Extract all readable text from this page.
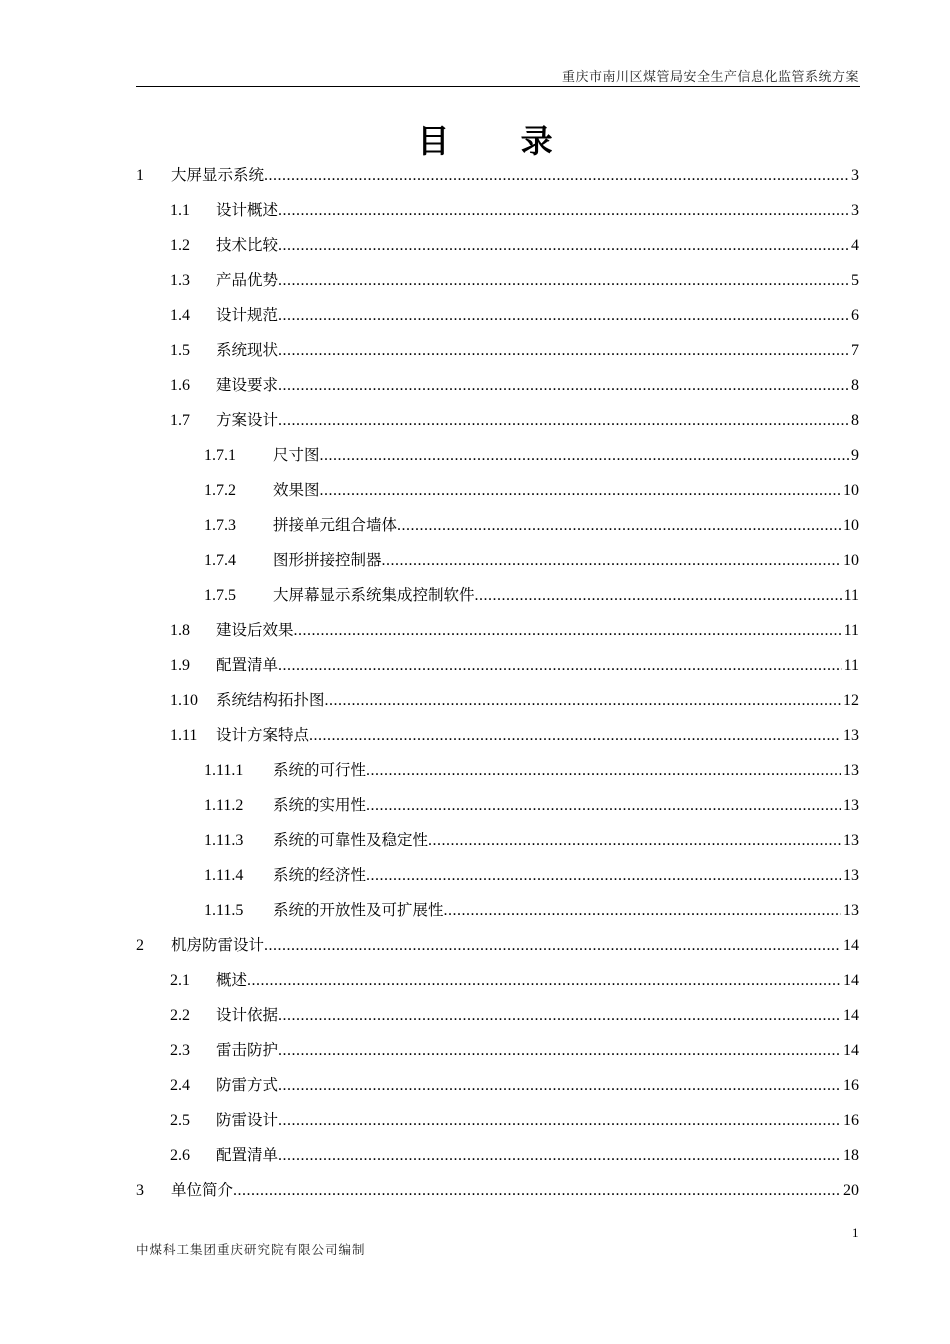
重庆市南川区煤管局安全生产信息化监管系统方案
目 录
1 大屏显示系统 .....	3
1.1 设计概述 .....	3
1.2 技术比较 .....	4
1.3 产品优势 .....	5
1.4 设计规范 .....	6
1.5 系统现状 .....	7
1.6 建设要求 .....	8
1.7 方案设计 .....	8
1.7.1 尺寸图 .....	9
1.7.2 效果图 .....	10
1.7.3 拼接单元组合墙体 .....	10
1.7.4 图形拼接控制器 .....	10
1.7.5 大屏幕显示系统集成控制软件 .....	11
1.8 建设后效果 .....	11
1.9 配置清单 .....	11
1.10 系统结构拓扑图 .....	12
1.11 设计方案特点 .....	13
1.11.1 系统的可行性 .....	13
1.11.2 系统的实用性 .....	13
1.11.3 系统的可靠性及稳定性 .....	13
1.11.4 系统的经济性 .....	13
1.11.5 系统的开放性及可扩展性 .....	13
2 机房防雷设计 .....	14
2.1 概述 .....	14
2.2 设计依据 .....	14
2.3 雷击防护 .....	14
2.4 防雷方式 .....	16
2.5 防雷设计 .....	16
2.6 配置清单 .....	18
3 单位简介 .....	20
1
中煤科工集团重庆研究院有限公司编制
